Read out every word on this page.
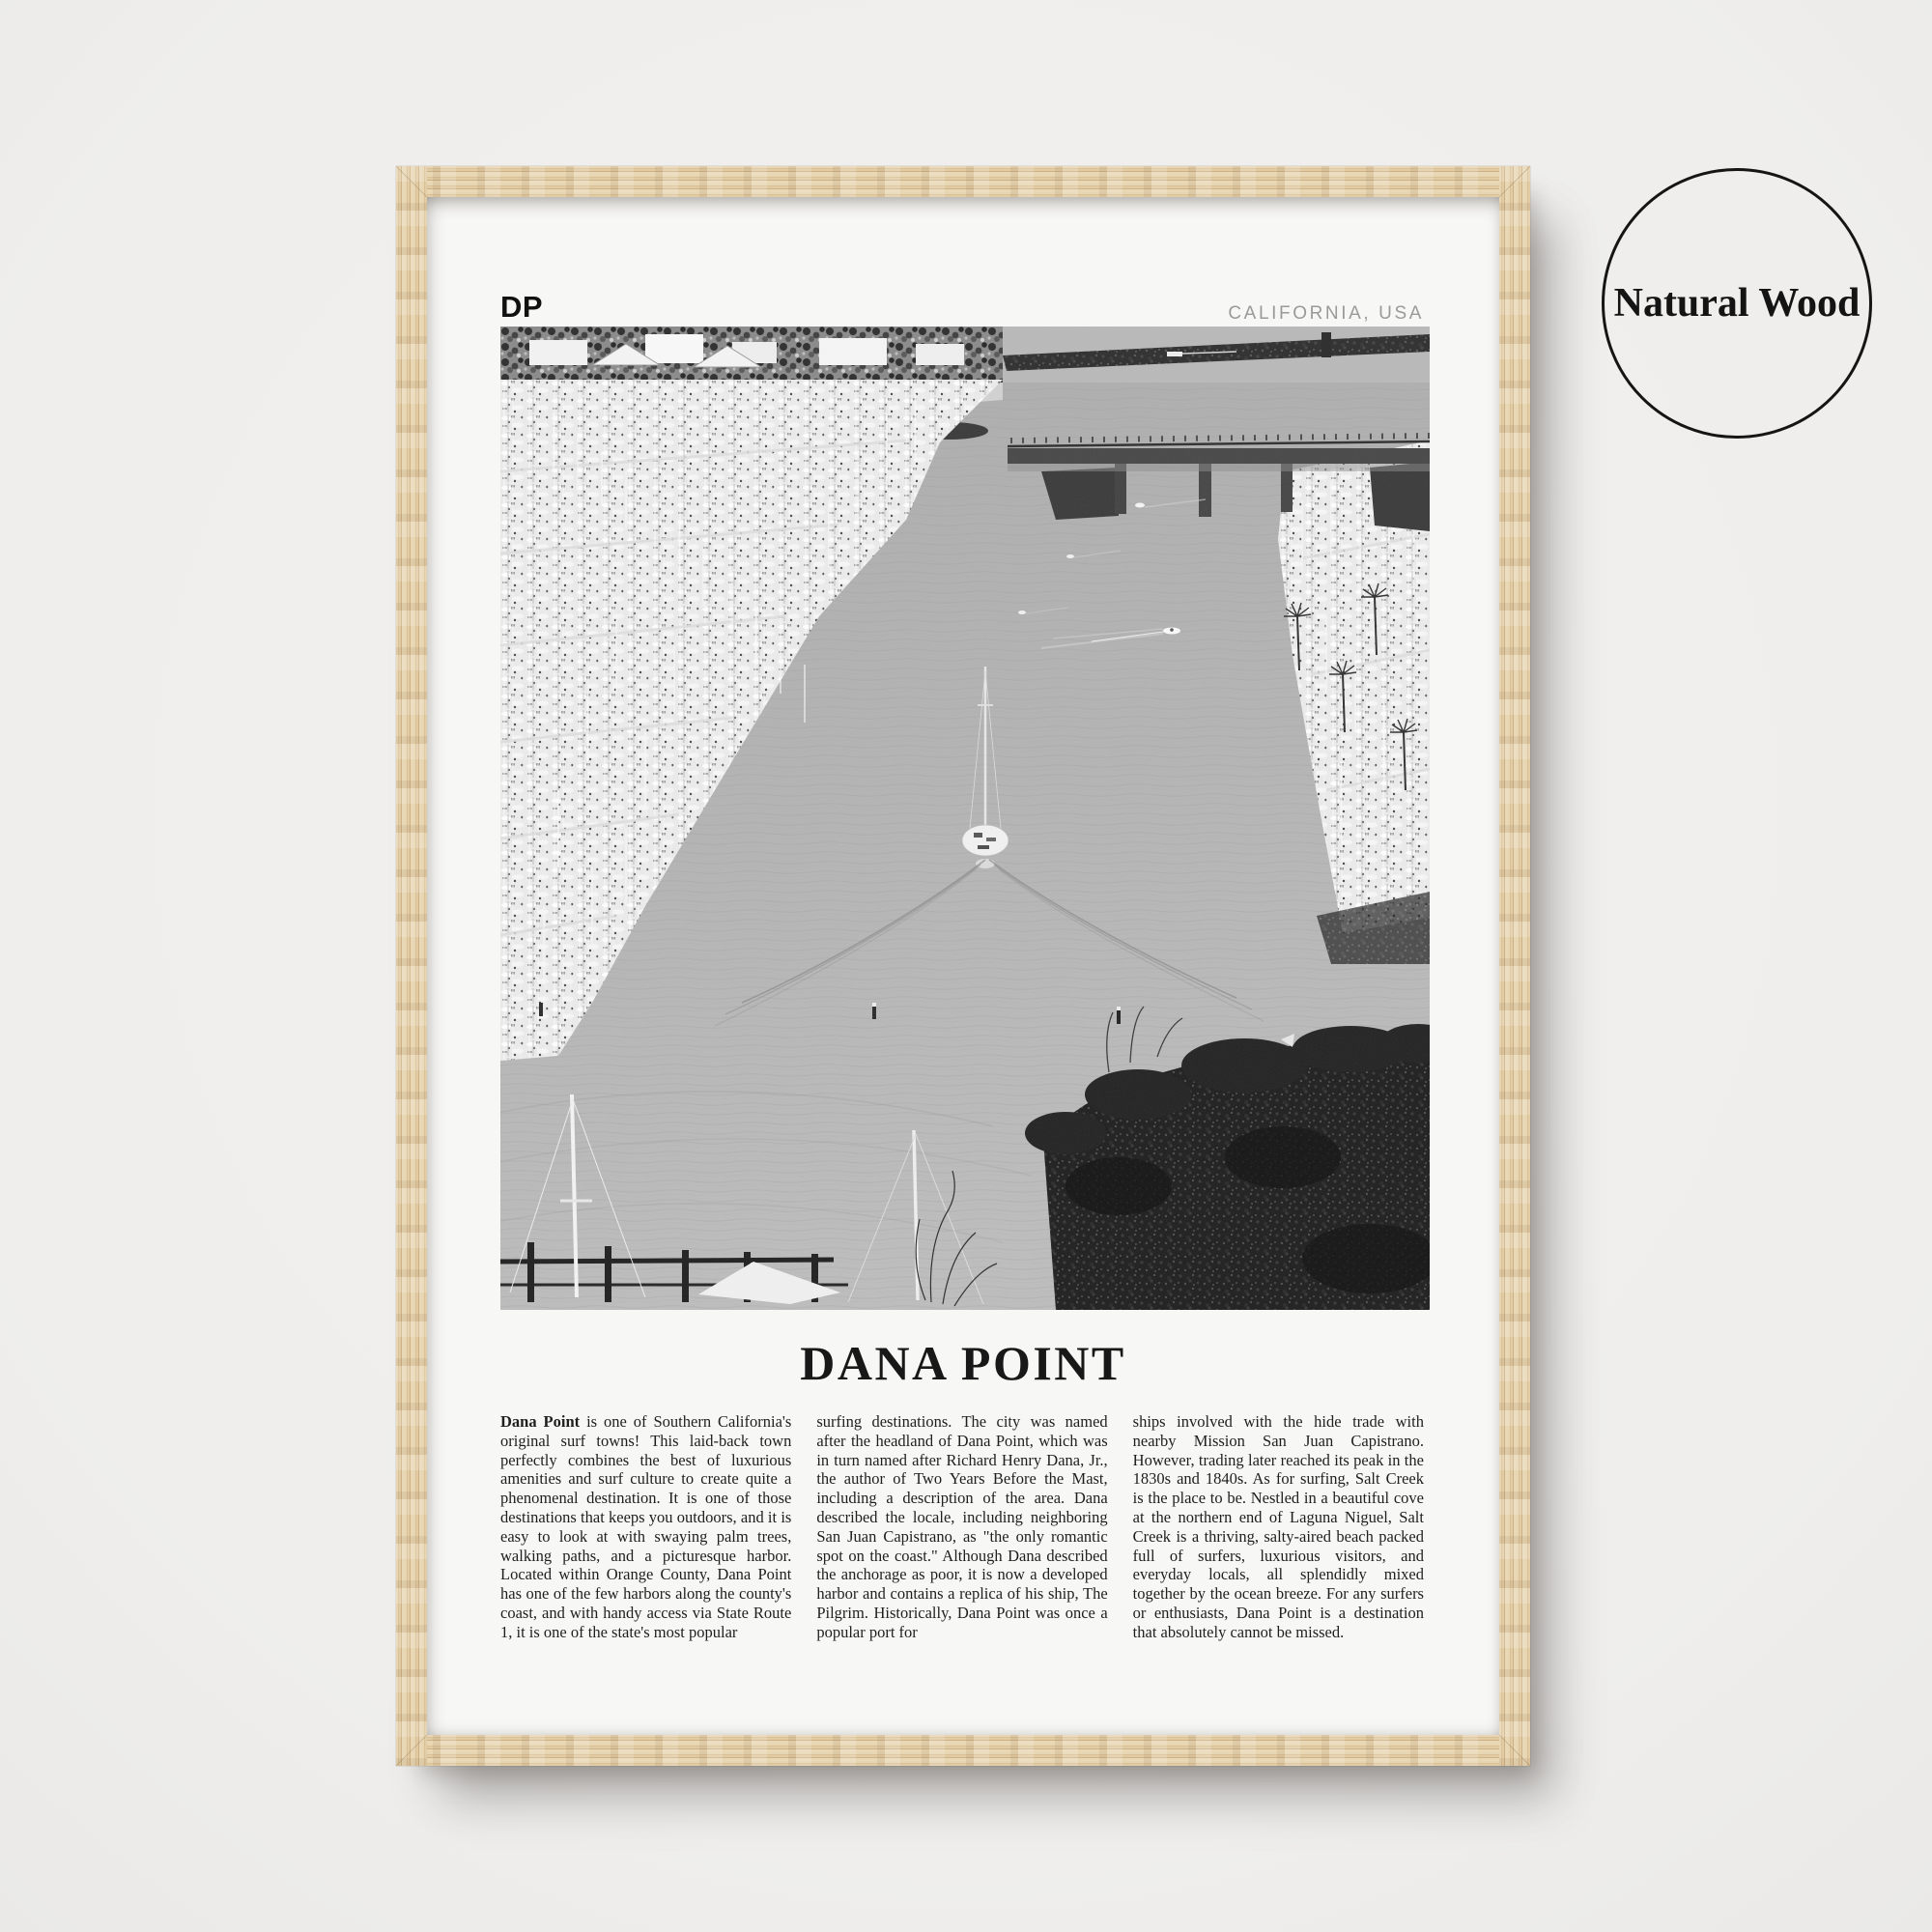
DP	CALIFORNIA, USA
DANA POINT
Dana Point is one of Southern California's original surf towns! This laid-back town perfectly combines the best of luxurious amenities and surf culture to create quite a phenomenal destination. It is one of those destinations that keeps you outdoors, and it is easy to look at with swaying palm trees, walking paths, and a picturesque harbor. Located within Orange County, Dana Point has one of the few harbors along the county's coast, and with handy access via State Route 1, it is one of the state's most popular
surfing destinations. The city was named after the headland of Dana Point, which was in turn named after Richard Henry Dana, Jr., the author of Two Years Before the Mast, including a description of the area. Dana described the locale, including neighboring San Juan Capistrano, as "the only romantic spot on the coast." Although Dana described the anchorage as poor, it is now a developed harbor and contains a replica of his ship, The Pilgrim. Historically, Dana Point was once a popular port for
ships involved with the hide trade with nearby Mission San Juan Capistrano. However, trading later reached its peak in the 1830s and 1840s. As for surfing, Salt Creek is the place to be. Nestled in a beautiful cove at the northern end of Laguna Niguel, Salt Creek is a thriving, salty-aired beach packed full of surfers, luxurious visitors, and everyday locals, all splendidly mixed together by the ocean breeze. For any surfers or enthusiasts, Dana Point is a destination that absolutely cannot be missed.
Natural Wood
